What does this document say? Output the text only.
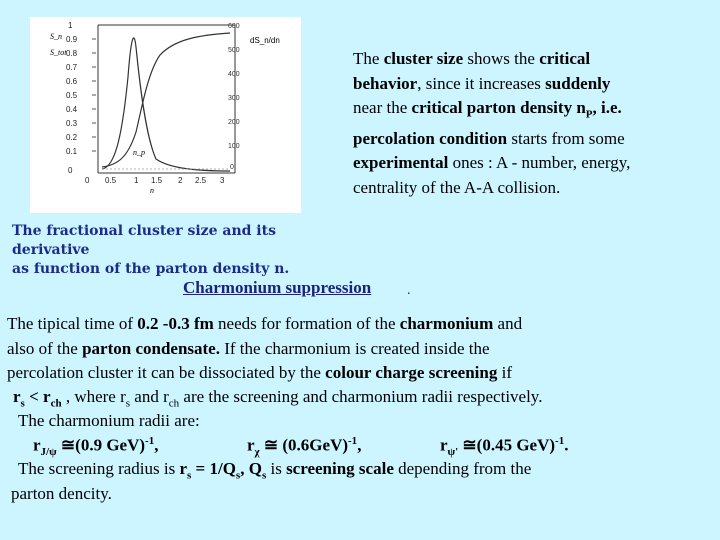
S_n
S_tot
1
0.9
0.8
0.7
0.6
0.5
0.4
0.3
0.2
0.1
0
600
500
400
300
200
100
0
dS_n/dn
0 0.5 1 1.5 2 2.5 3
n
n_p
The cluster size shows the critical
behavior, since it increases suddenly
near the critical parton density $n_P$, i.e.
percolation condition starts from some
experimental ones : A - number, energy,
centrality of the A-A collision.
The fractional cluster size and its derivative
as function of the parton density n.
Charmonium suppression	.
The tipical time of 0.2 -0.3 fm needs for formation of the charmonium and
also of the parton condensate. If the charmonium is created inside the
percolation cluster it can be dissociated by the colour charge screening if
$r_s < r_{ch}$ , where $r_s$ and $r_{ch}$ are the screening and charmonium radii respectively.
The charmonium radii are:
$r_{J/\psi}$ ≅(0.9 GeV)$^{-1}$,	$r_\chi$ ≅ $(0.6GeV)^{-1}$,	$r_{\psi'}$ ≅(0.45 GeV)$^{-1}$.
The screening radius is $r_s = 1/Q_s$, $Q_s$ is screening scale depending from the
parton dencity.
